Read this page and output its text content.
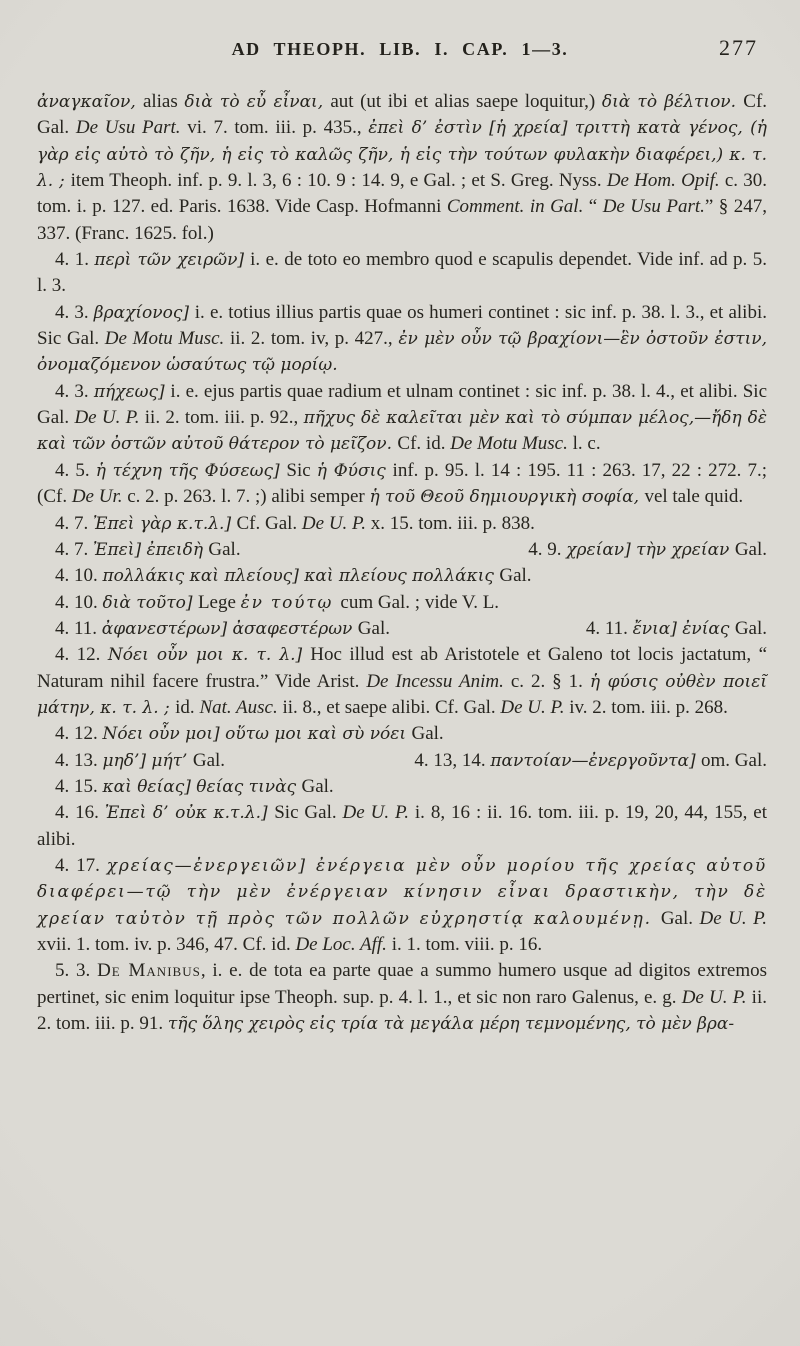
AD THEOPH. LIB. I. CAP. 1—3.	277

ἀναγκαῖον, alias διὰ τὸ εὖ εἶναι, aut (ut ibi et alias saepe loquitur,) διὰ τὸ βέλτιον. Cf. Gal. De Usu Part. vi. 7. tom. iii. p. 435., ἐπεὶ δ’ ἐστὶν [ἡ χρεία] τριττὴ κατὰ γένος, (ἡ γὰρ εἰς αὐτὸ τὸ ζῆν, ἡ εἰς τὸ καλῶς ζῆν, ἡ εἰς τὴν τούτων φυλακὴν διαφέρει,) κ. τ. λ. ; item Theoph. inf. p. 9. l. 3, 6 : 10. 9 : 14. 9, e Gal. ; et S. Greg. Nyss. De Hom. Opif. c. 30. tom. i. p. 127. ed. Paris. 1638. Vide Casp. Hofmanni Comment. in Gal. “ De Usu Part.” § 247, 337. (Franc. 1625. fol.)

4. 1. περὶ τῶν χειρῶν] i. e. de toto eo membro quod e scapulis dependet. Vide inf. ad p. 5. l. 3.

4. 3. βραχίονος] i. e. totius illius partis quae os humeri continet : sic inf. p. 38. l. 3., et alibi. Sic Gal. De Motu Musc. ii. 2. tom. iv, p. 427., ἐν μὲν οὖν τῷ βραχίονι—ἓν ὀστοῦν ἐστιν, ὀνομαζόμενον ὡσαύτως τῷ μορίῳ.

4. 3. πήχεως] i. e. ejus partis quae radium et ulnam continet : sic inf. p. 38. l. 4., et alibi. Sic Gal. De U. P. ii. 2. tom. iii. p. 92., πῆχυς δὲ καλεῖται μὲν καὶ τὸ σύμπαν μέλος,—ἤδη δὲ καὶ τῶν ὀστῶν αὐτοῦ θάτερον τὸ μεῖζον. Cf. id. De Motu Musc. l. c.

4. 5. ἡ τέχνη τῆς Φύσεως] Sic ἡ Φύσις inf. p. 95. l. 14 : 195. 11 : 263. 17, 22 : 272. 7.; (Cf. De Ur. c. 2. p. 263. l. 7. ;) alibi semper ἡ τοῦ Θεοῦ δημιουργικὴ σοφία, vel tale quid.

4. 7. Ἐπεὶ γὰρ κ.τ.λ.] Cf. Gal. De U. P. x. 15. tom. iii. p. 838.

4. 7. Ἐπεὶ] ἐπειδὴ Gal.	4. 9. χρείαν] τὴν χρείαν Gal.

4. 10. πολλάκις καὶ πλείους] καὶ πλείους πολλάκις Gal.

4. 10. διὰ τοῦτο] Lege ἐν τούτῳ cum Gal. ; vide V. L.

4. 11. ἀφανεστέρων] ἀσαφεστέρων Gal.	4. 11. ἔνια] ἐνίας Gal.

4. 12. Νόει οὖν μοι κ. τ. λ.] Hoc illud est ab Aristotele et Galeno tot locis jactatum, “ Naturam nihil facere frustra.” Vide Arist. De Incessu Anim. c. 2. § 1. ἡ φύσις οὐθὲν ποιεῖ μάτην, κ. τ. λ. ; id. Nat. Ausc. ii. 8., et saepe alibi. Cf. Gal. De U. P. iv. 2. tom. iii. p. 268.

4. 12. Νόει οὖν μοι] οὕτω μοι καὶ σὺ νόει Gal.

4. 13. μηδ’] μήτ’ Gal.	4. 13, 14. παντοίαν—ἐνεργοῦντα] om. Gal.

4. 15. καὶ θείας] θείας τινὰς Gal.

4. 16. Ἐπεὶ δ’ οὐκ κ.τ.λ.] Sic Gal. De U. P. i. 8, 16 : ii. 16. tom. iii. p. 19, 20, 44, 155, et alibi.

4. 17. χρείας—ἐνεργειῶν] ἐνέργεια μὲν οὖν μορίου τῆς χρείας αὐτοῦ διαφέρει—τῷ τὴν μὲν ἐνέργειαν κίνησιν εἶναι δραστικὴν, τὴν δὲ χρείαν ταὐτὸν τῇ πρὸς τῶν πολλῶν εὐχρηστίᾳ καλουμένῃ. Gal. De U. P. xvii. 1. tom. iv. p. 346, 47. Cf. id. De Loc. Aff. i. 1. tom. viii. p. 16.

5. 3. De Manibus, i. e. de tota ea parte quae a summo humero usque ad digitos extremos pertinet, sic enim loquitur ipse Theoph. sup. p. 4. l. 1., et sic non raro Galenus, e. g. De U. P. ii. 2. tom. iii. p. 91. τῆς ὅλης χειρὸς εἰς τρία τὰ μεγάλα μέρη τεμνομένης, τὸ μὲν βρα-
